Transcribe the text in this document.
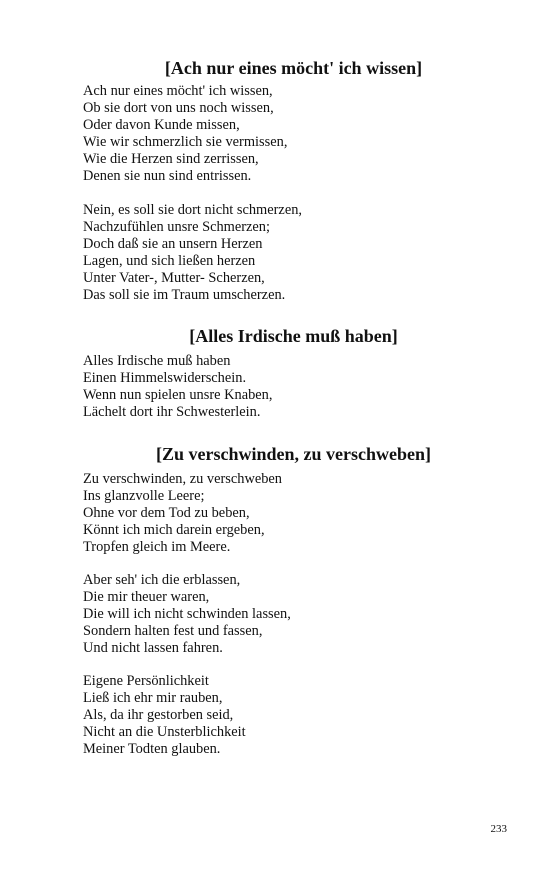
[Ach nur eines möcht' ich wissen]
Ach nur eines möcht' ich wissen,
Ob sie dort von uns noch wissen,
Oder davon Kunde missen,
Wie wir schmerzlich sie vermissen,
Wie die Herzen sind zerrissen,
Denen sie nun sind entrissen.
Nein, es soll sie dort nicht schmerzen,
Nachzufühlen unsre Schmerzen;
Doch daß sie an unsern Herzen
Lagen, und sich ließen herzen
Unter Vater-, Mutter- Scherzen,
Das soll sie im Traum umscherzen.
[Alles Irdische muß haben]
Alles Irdische muß haben
Einen Himmelswiderschein.
Wenn nun spielen unsre Knaben,
Lächelt dort ihr Schwesterlein.
[Zu verschwinden, zu verschweben]
Zu verschwinden, zu verschweben
Ins glanzvolle Leere;
Ohne vor dem Tod zu beben,
Könnt ich mich darein ergeben,
Tropfen gleich im Meere.
Aber seh' ich die erblassen,
Die mir theuer waren,
Die will ich nicht schwinden lassen,
Sondern halten fest und fassen,
Und nicht lassen fahren.
Eigene Persönlichkeit
Ließ ich ehr mir rauben,
Als, da ihr gestorben seid,
Nicht an die Unsterblichkeit
Meiner Todten glauben.
233
